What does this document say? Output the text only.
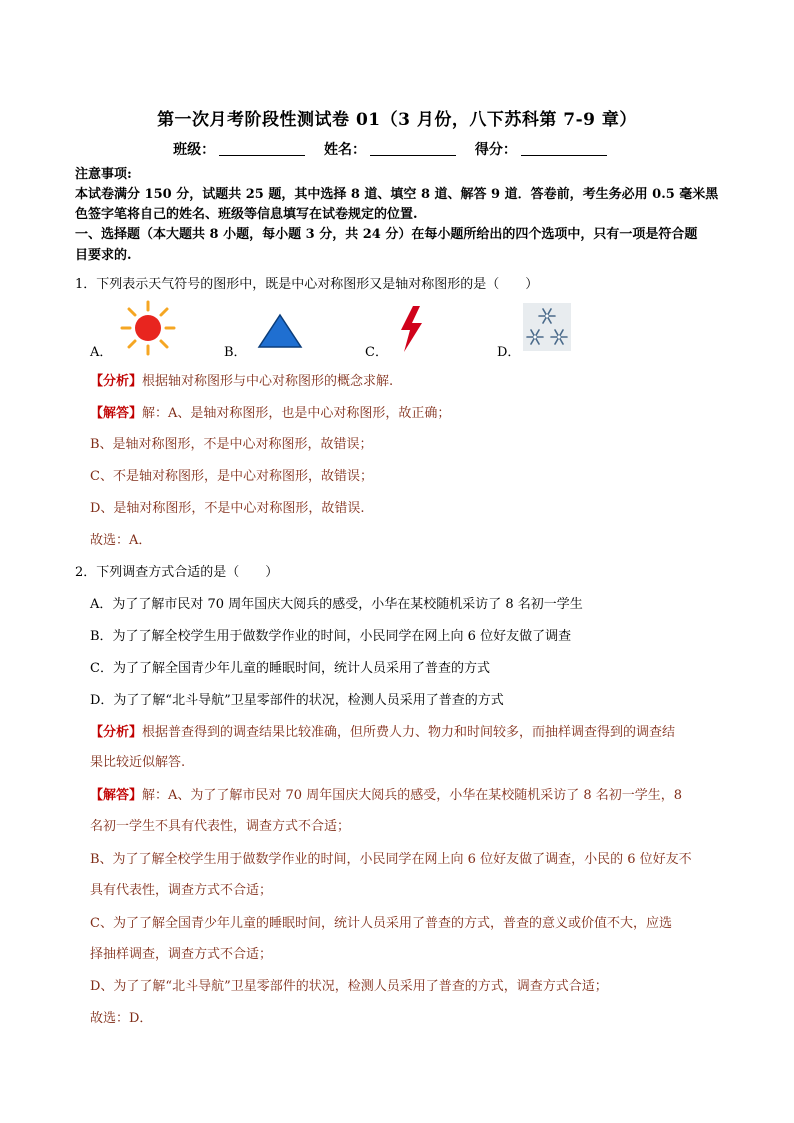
第一次月考阶段性测试卷 01（3 月份，八下苏科第 7-9 章）
班级：	姓名：	得分：
注意事项:
本试卷满分 150 分，试题共 25 题，其中选择 8 道、填空 8 道、解答 9 道．答卷前，考生务必用 0.5 毫米黑
色签字笔将自己的姓名、班级等信息填写在试卷规定的位置.
一、选择题（本大题共 8 小题，每小题 3 分，共 24 分）在每小题所给出的四个选项中，只有一项是符合题
目要求的.
1．下列表示天气符号的图形中，既是中心对称图形又是轴对称图形的是（　　）
A．	B．	C．	D．
【分析】根据轴对称图形与中心对称图形的概念求解.
【解答】解：A、是轴对称图形，也是中心对称图形，故正确；
B、是轴对称图形，不是中心对称图形，故错误；
C、不是轴对称图形，是中心对称图形，故错误；
D、是轴对称图形，不是中心对称图形，故错误.
故选：A．
2．下列调查方式合适的是（　　）
A．为了了解市民对 70 周年国庆大阅兵的感受，小华在某校随机采访了 8 名初一学生
B．为了了解全校学生用于做数学作业的时间，小民同学在网上向 6 位好友做了调查
C．为了了解全国青少年儿童的睡眠时间，统计人员采用了普查的方式
D．为了了解“北斗导航”卫星零部件的状况，检测人员采用了普查的方式
【分析】根据普查得到的调查结果比较准确，但所费人力、物力和时间较多，而抽样调查得到的调查结
果比较近似解答.
【解答】解：A、为了了解市民对 70 周年国庆大阅兵的感受，小华在某校随机采访了 8 名初一学生，8
名初一学生不具有代表性，调查方式不合适；
B、为了了解全校学生用于做数学作业的时间，小民同学在网上向 6 位好友做了调查，小民的 6 位好友不
具有代表性，调查方式不合适；
C、为了了解全国青少年儿童的睡眠时间，统计人员采用了普查的方式，普查的意义或价值不大，应选
择抽样调查，调查方式不合适；
D、为了了解“北斗导航”卫星零部件的状况，检测人员采用了普查的方式，调查方式合适；
故选：D．
